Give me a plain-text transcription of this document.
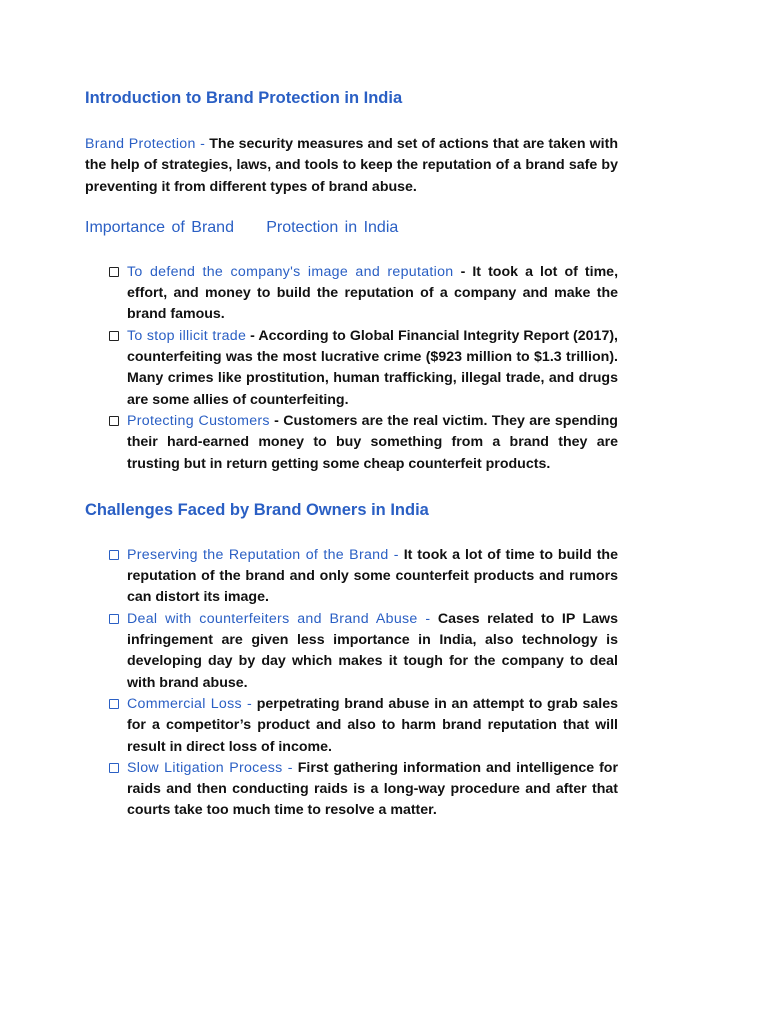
Introduction to Brand Protection in India

Brand Protection - The security measures and set of actions that are taken with the help of strategies, laws, and tools to keep the reputation of a brand safe by preventing it from different types of brand abuse.

Importance of Brand     Protection in India
To defend the company's image and reputation - It took a lot of time, effort, and money to build the reputation of a company and make the brand famous.
To stop illicit trade - According to Global Financial Integrity Report (2017), counterfeiting was the most lucrative crime ($923 million to $1.3 trillion). Many crimes like prostitution, human trafficking, illegal trade, and drugs are some allies of counterfeiting.
Protecting Customers - Customers are the real victim. They are spending their hard-earned money to buy something from a brand they are trusting but in return getting some cheap counterfeit products.
Challenges Faced by Brand Owners in India
Preserving the Reputation of the Brand - It took a lot of time to build the reputation of the brand and only some counterfeit products and rumors can distort its image.
Deal with counterfeiters and Brand Abuse - Cases related to IP Laws infringement are given less importance in India, also technology is developing day by day which makes it tough for the company to deal with brand abuse.
Commercial Loss - perpetrating brand abuse in an attempt to grab sales for a competitor’s product and also to harm brand reputation that will result in direct loss of income.
Slow Litigation Process - First gathering information and intelligence for raids and then conducting raids is a long-way procedure and after that courts take too much time to resolve a matter.
